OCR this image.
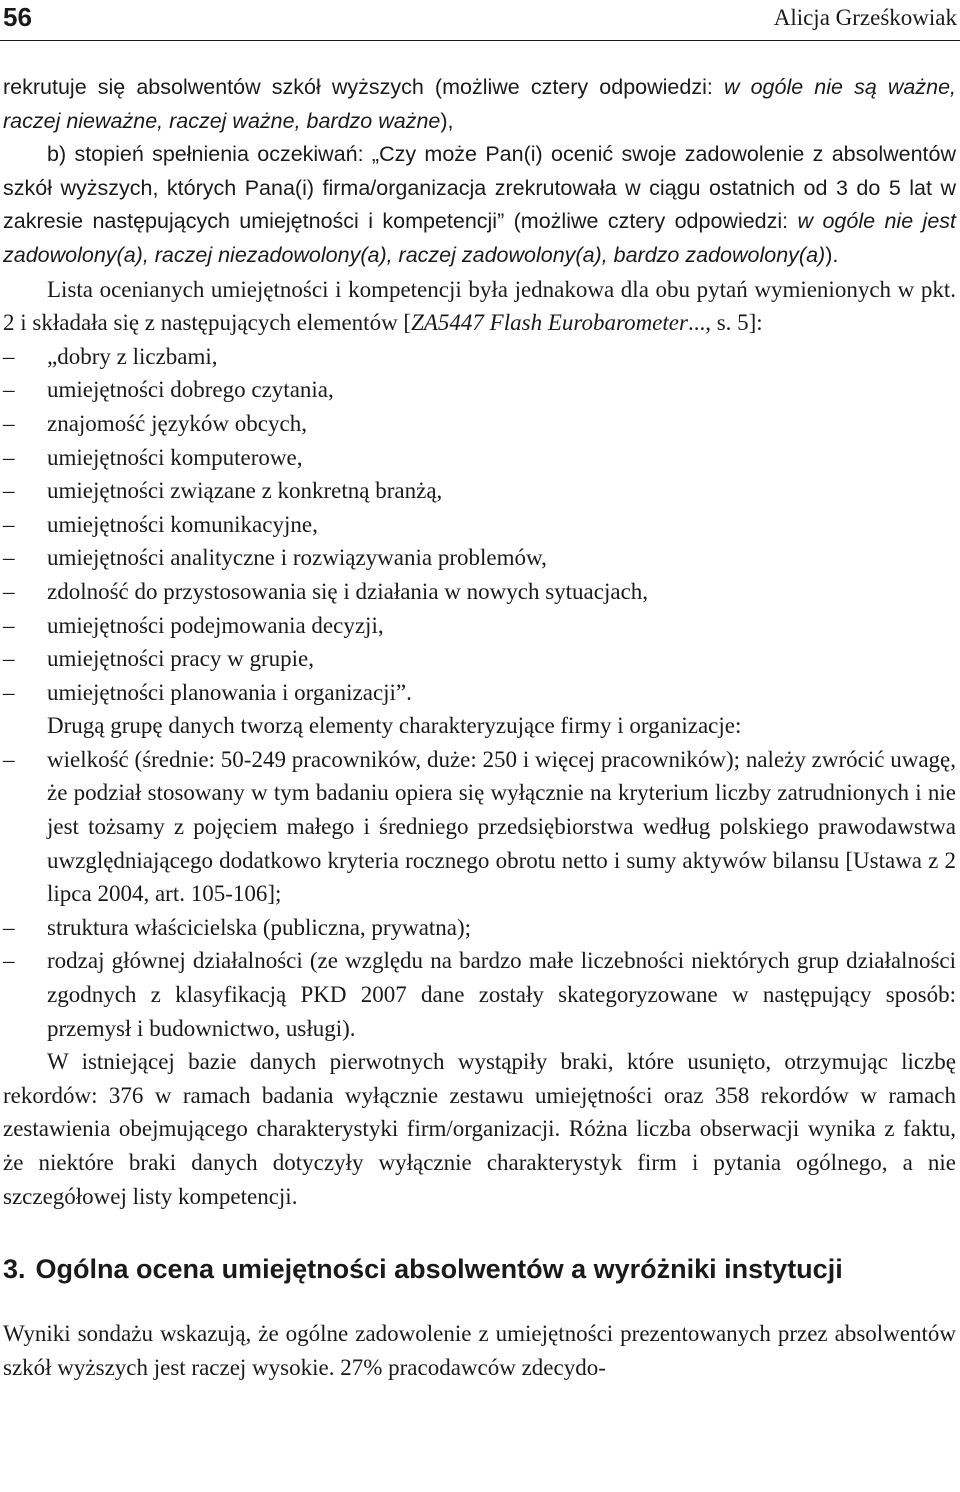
56	Alicja Grześkowiak

rekrutuje się absolwentów szkół wyższych (możliwe cztery odpowiedzi: w ogóle nie są ważne, raczej nieważne, raczej ważne, bardzo ważne),

b) stopień spełnienia oczekiwań: „Czy może Pan(i) ocenić swoje zadowolenie z absolwentów szkół wyższych, których Pana(i) firma/organizacja zrekrutowała w ciągu ostatnich od 3 do 5 lat w zakresie następujących umiejętności i kompetencji” (możliwe cztery odpowiedzi: w ogóle nie jest zadowolony(a), raczej niezadowolony(a), raczej zadowolony(a), bardzo zadowolony(a)).

Lista ocenianych umiejętności i kompetencji była jednakowa dla obu pytań wymienionych w pkt. 2 i składała się z następujących elementów [ZA5447 Flash Eurobarometer..., s. 5]:

– „dobry z liczbami,
– umiejętności dobrego czytania,
– znajomość języków obcych,
– umiejętności komputerowe,
– umiejętności związane z konkretną branżą,
– umiejętności komunikacyjne,
– umiejętności analityczne i rozwiązywania problemów,
– zdolność do przystosowania się i działania w nowych sytuacjach,
– umiejętności podejmowania decyzji,
– umiejętności pracy w grupie,
– umiejętności planowania i organizacji”.

Drugą grupę danych tworzą elementy charakteryzujące firmy i organizacje:

– wielkość (średnie: 50-249 pracowników, duże: 250 i więcej pracowników); należy zwrócić uwagę, że podział stosowany w tym badaniu opiera się wyłącznie na kryterium liczby zatrudnionych i nie jest tożsamy z pojęciem małego i średniego przedsiębiorstwa według polskiego prawodawstwa uwzględniającego dodatkowo kryteria rocznego obrotu netto i sumy aktywów bilansu [Ustawa z 2 lipca 2004, art. 105-106];
– struktura właścicielska (publiczna, prywatna);
– rodzaj głównej działalności (ze względu na bardzo małe liczebności niektórych grup działalności zgodnych z klasyfikacją PKD 2007 dane zostały skategoryzowane w następujący sposób: przemysł i budownictwo, usługi).

W istniejącej bazie danych pierwotnych wystąpiły braki, które usunięto, otrzymując liczbę rekordów: 376 w ramach badania wyłącznie zestawu umiejętności oraz 358 rekordów w ramach zestawienia obejmującego charakterystyki firm/organizacji. Różna liczba obserwacji wynika z faktu, że niektóre braki danych dotyczyły wyłącznie charakterystyk firm i pytania ogólnego, a nie szczegółowej listy kompetencji.

3. Ogólna ocena umiejętności absolwentów a wyróżniki instytucji

Wyniki sondażu wskazują, że ogólne zadowolenie z umiejętności prezentowanych przez absolwentów szkół wyższych jest raczej wysokie. 27% pracodawców zdecydo-
